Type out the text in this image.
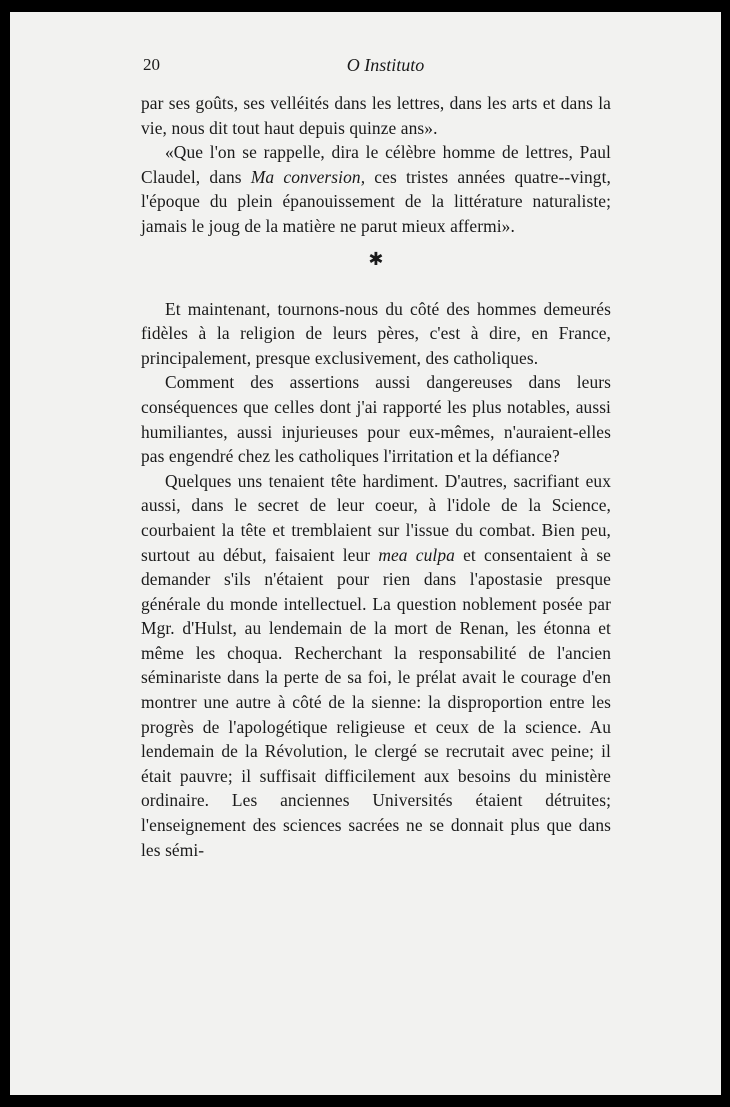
20	O Instituto

par ses goûts, ses velléités dans les lettres, dans les arts et dans la vie, nous dit tout haut depuis quinze ans».

«Que l'on se rappelle, dira le célèbre homme de lettres, Paul Claudel, dans Ma conversion, ces tristes années quatre--vingt, l'époque du plein épanouissement de la littérature naturaliste; jamais le joug de la matière ne parut mieux affermi».

✱

Et maintenant, tournons-nous du côté des hommes demeurés fidèles à la religion de leurs pères, c'est à dire, en France, principalement, presque exclusivement, des catholiques.

Comment des assertions aussi dangereuses dans leurs conséquences que celles dont j'ai rapporté les plus notables, aussi humiliantes, aussi injurieuses pour eux-mêmes, n'auraient-elles pas engendré chez les catholiques l'irritation et la défiance?

Quelques uns tenaient tête hardiment. D'autres, sacrifiant eux aussi, dans le secret de leur coeur, à l'idole de la Science, courbaient la tête et tremblaient sur l'issue du combat. Bien peu, surtout au début, faisaient leur mea culpa et consentaient à se demander s'ils n'étaient pour rien dans l'apostasie presque générale du monde intellectuel. La question noblement posée par Mgr. d'Hulst, au lendemain de la mort de Renan, les étonna et même les choqua. Recherchant la responsabilité de l'ancien séminariste dans la perte de sa foi, le prélat avait le courage d'en montrer une autre à côté de la sienne: la disproportion entre les progrès de l'apologétique religieuse et ceux de la science. Au lendemain de la Révolution, le clergé se recrutait avec peine; il était pauvre; il suffisait difficilement aux besoins du ministère ordinaire. Les anciennes Universités étaient détruites; l'enseignement des sciences sacrées ne se donnait plus que dans les sémi-
